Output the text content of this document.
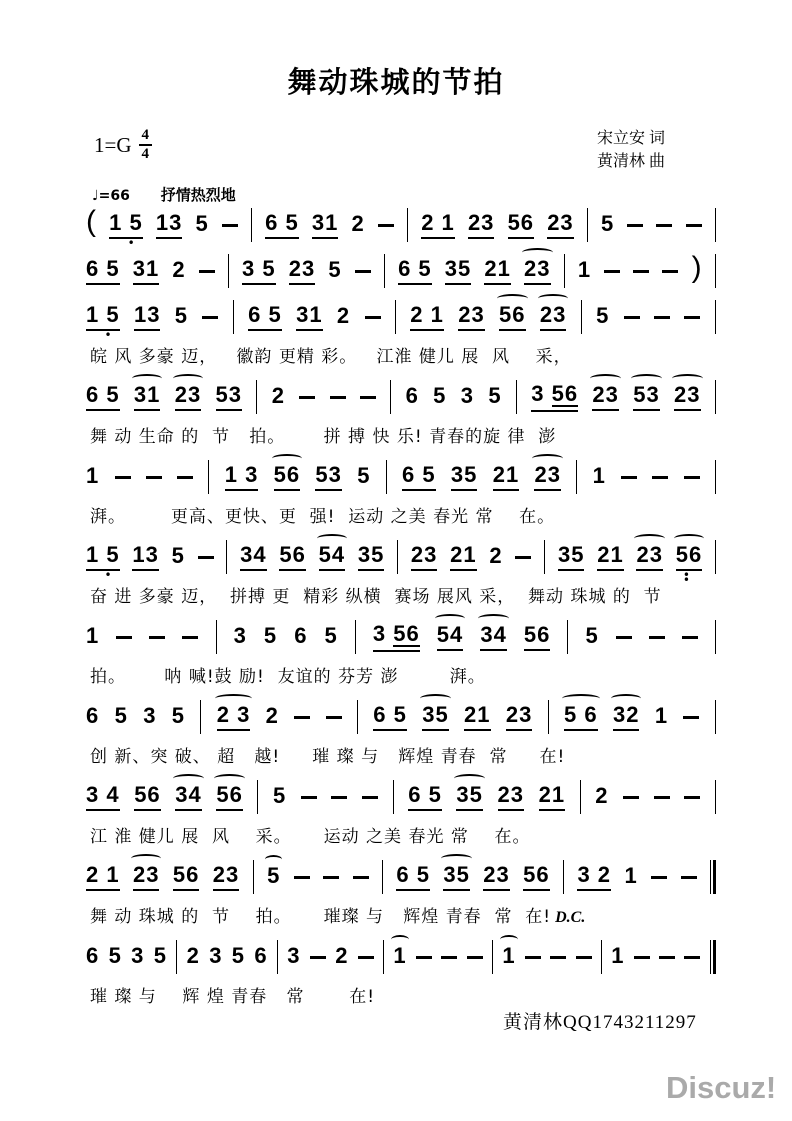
舞动珠城的节拍
1=G 4
4
宋立安 词
黄清林 曲
♩=66 抒情热烈地
( 1 5
•
13 5	6 5 31 2	2 1 23 56 23 5
6 5 31 2	3 5 23 5	6 5 35 21 23 1	)
1 5
•
13 5	6 5 31 2	2 1 23 56 23 5
皖 风 多豪 迈，   徽韵 更精 彩。   江淮 健儿 展  风    采，
6 5 31 23 53 2	6 5 3 5 3 56 23 53 23
舞 动 生命 的  节   拍。      拼 搏 快 乐! 青春的旋 律  澎
1	1 3 56 53 5 6 5 35 21 23 1
湃。       更高、更快、更  强!  运动 之美 春光 常    在。
1 5
•
13 5	34 56 54 35 23 21 2	35 21 23 56
• •
奋 进 多豪 迈，  拼搏 更  精彩 纵横  赛场 展风 采，  舞动 珠城 的  节
1	3 5 6 5 3 56 54 34 56 5
拍。      呐 喊!鼓 励!  友谊的 芬芳 澎        湃。
6 5 3 5 2 3 2	6 5 35 21 23 5 6 32 1
创 新、突 破、 超   越!     璀 璨 与   辉煌 青春  常     在!
3 4 56 34 56 5	6 5 35 23 21 2
江 淮 健儿 展  风    采。     运动 之美 春光 常    在。
2 1 23 56 23 5	6 5 35 23 56 3 2 1
舞 动 珠城 的  节    拍。     璀璨 与   辉煌 青春  常  在! D.C.
6 5 3 5 2 3 5 6 3 2 1	1	1
璀 璨 与    辉 煌 青春   常       在!
黄清林QQ1743211297
Discuz!
